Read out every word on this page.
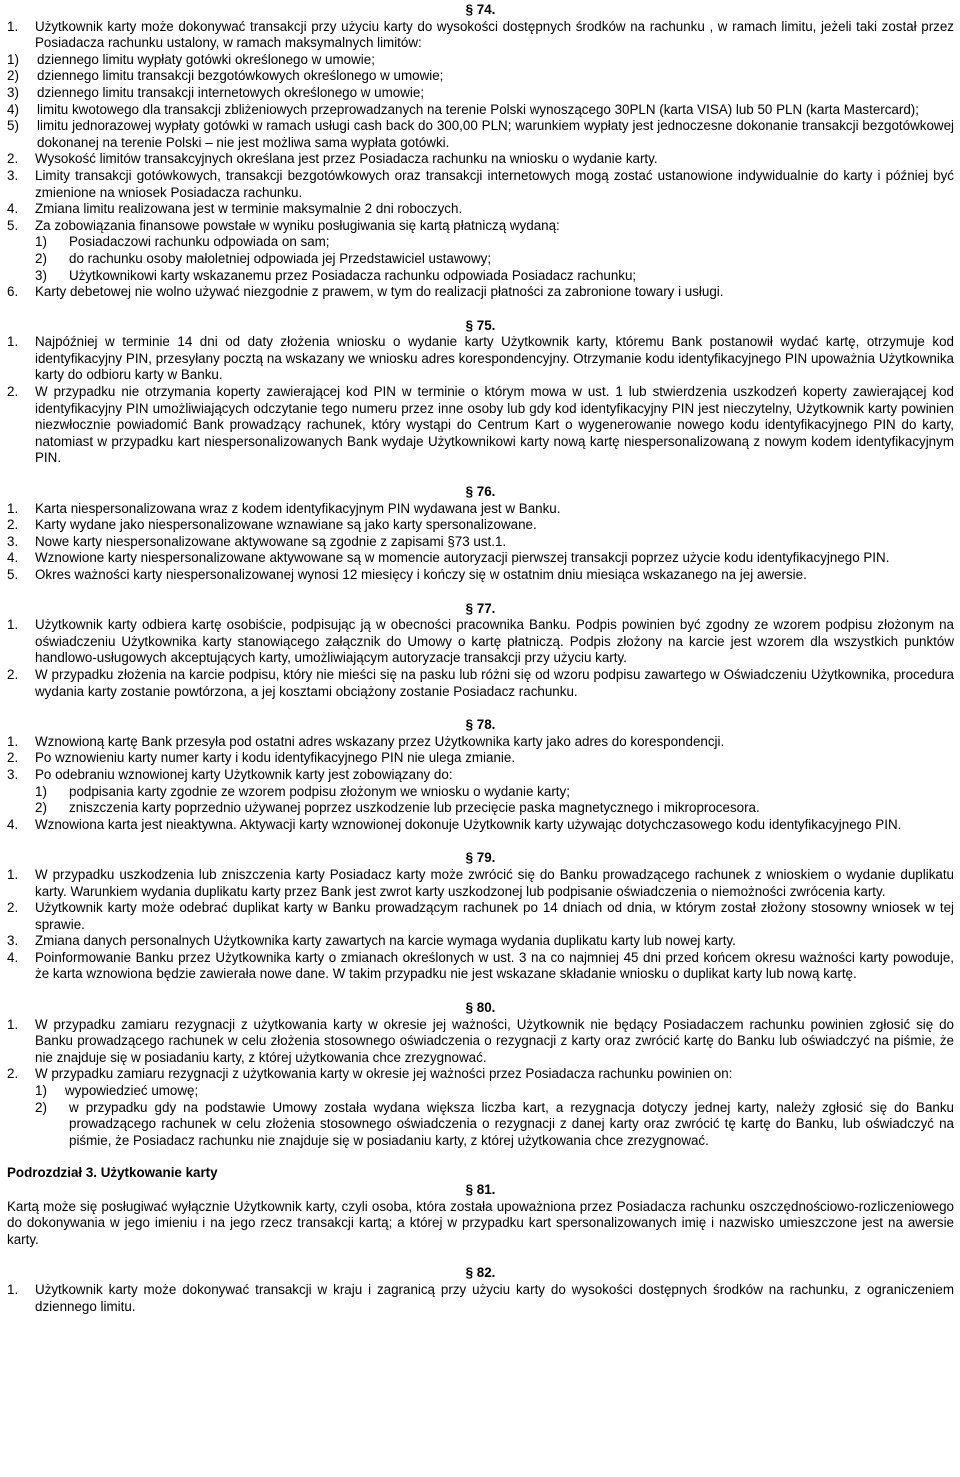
§ 74.
1. Użytkownik karty może dokonywać transakcji przy użyciu karty do wysokości dostępnych środków na rachunku , w ramach limitu, jeżeli taki został przez Posiadacza rachunku ustalony, w ramach maksymalnych limitów:
1) dziennego limitu wypłaty gotówki określonego w umowie;
2) dziennego limitu transakcji bezgotówkowych określonego w umowie;
3) dziennego limitu transakcji internetowych określonego w umowie;
4) limitu kwotowego dla transakcji zbliżeniowych przeprowadzanych na terenie Polski wynoszącego 30PLN (karta VISA) lub 50 PLN (karta Mastercard);
5) limitu jednorazowej wypłaty gotówki w ramach usługi cash back do 300,00 PLN; warunkiem wypłaty jest jednoczesne dokonanie transakcji bezgotówkowej dokonanej na terenie Polski – nie jest możliwa sama wypłata gotówki.
2. Wysokość limitów transakcyjnych określana jest przez Posiadacza rachunku na wniosku o wydanie karty.
3. Limity transakcji gotówkowych, transakcji bezgotówkowych oraz transakcji internetowych mogą zostać ustanowione indywidualnie do karty i później być zmienione na wniosek Posiadacza rachunku.
4. Zmiana limitu realizowana jest w terminie maksymalnie 2 dni roboczych.
5. Za zobowiązania finansowe powstałe w wyniku posługiwania się kartą płatniczą wydaną:
1) Posiadaczowi rachunku odpowiada on sam;
2) do rachunku osoby małoletniej odpowiada jej Przedstawiciel ustawowy;
3) Użytkownikowi karty wskazanemu przez Posiadacza rachunku odpowiada Posiadacz rachunku;
6. Karty debetowej nie wolno używać niezgodnie z prawem, w tym do realizacji płatności za zabronione towary i usługi.
§ 75.
1. Najpóźniej w terminie 14 dni od daty złożenia wniosku o wydanie karty Użytkownik karty, któremu Bank postanowił wydać kartę, otrzymuje kod identyfikacyjny PIN, przesyłany pocztą na wskazany we wniosku adres korespondencyjny. Otrzymanie kodu identyfikacyjnego PIN upoważnia Użytkownika karty do odbioru karty w Banku.
2. W przypadku nie otrzymania koperty zawierającej kod PIN w terminie o którym mowa w ust. 1 lub stwierdzenia uszkodzeń koperty zawierającej kod identyfikacyjny PIN umożliwiających odczytanie tego numeru przez inne osoby lub gdy kod identyfikacyjny PIN jest nieczytelny, Użytkownik karty powinien niezwłocznie powiadomić Bank prowadzący rachunek, który wystąpi do Centrum Kart o wygenerowanie nowego kodu identyfikacyjnego PIN do karty, natomiast w przypadku kart niespersonalizowanych Bank wydaje Użytkownikowi karty nową kartę niespersonalizowaną z nowym kodem identyfikacyjnym PIN.
§ 76.
1. Karta niespersonalizowana wraz z kodem identyfikacyjnym PIN wydawana jest w Banku.
2. Karty wydane jako niespersonalizowane wznawiane są jako karty spersonalizowane.
3. Nowe karty niespersonalizowane aktywowane są zgodnie z zapisami §73 ust.1.
4. Wznowione karty niespersonalizowane aktywowane są w momencie autoryzacji pierwszej transakcji poprzez użycie kodu identyfikacyjnego PIN.
5. Okres ważności karty niespersonalizowanej wynosi 12 miesięcy i kończy się w ostatnim dniu miesiąca wskazanego na jej awersie.
§ 77.
1. Użytkownik karty odbiera kartę osobiście, podpisując ją w obecności pracownika Banku. Podpis powinien być zgodny ze wzorem podpisu złożonym na oświadczeniu Użytkownika karty stanowiącego załącznik do Umowy o kartę płatniczą. Podpis złożony na karcie jest wzorem dla wszystkich punktów handlowo-usługowych akceptujących karty, umożliwiającym autoryzacje transakcji przy użyciu karty.
2. W przypadku złożenia na karcie podpisu, który nie mieści się na pasku lub różni się od wzoru podpisu zawartego w Oświadczeniu Użytkownika, procedura wydania karty zostanie powtórzona, a jej kosztami obciążony zostanie Posiadacz rachunku.
§ 78.
1. Wznowioną kartę Bank przesyła pod ostatni adres wskazany przez Użytkownika karty jako adres do korespondencji.
2. Po wznowieniu karty numer karty i kodu identyfikacyjnego PIN nie ulega zmianie.
3. Po odebraniu wznowionej karty Użytkownik karty jest zobowiązany do:
1) podpisania karty zgodnie ze wzorem podpisu złożonym we wniosku o wydanie karty;
2) zniszczenia karty poprzednio używanej poprzez uszkodzenie lub przecięcie paska magnetycznego i mikroprocesora.
4. Wznowiona karta jest nieaktywna. Aktywacji karty wznowionej dokonuje Użytkownik karty używając dotychczasowego kodu identyfikacyjnego PIN.
§ 79.
1. W przypadku uszkodzenia lub zniszczenia karty Posiadacz karty może zwrócić się do Banku prowadzącego rachunek z wnioskiem o wydanie duplikatu karty. Warunkiem wydania duplikatu karty przez Bank jest zwrot karty uszkodzonej lub podpisanie oświadczenia o niemożności zwrócenia karty.
2. Użytkownik karty może odebrać duplikat karty w Banku prowadzącym rachunek po 14 dniach od dnia, w którym został złożony stosowny wniosek w tej sprawie.
3. Zmiana danych personalnych Użytkownika karty zawartych na karcie wymaga wydania duplikatu karty lub nowej karty.
4. Poinformowanie Banku przez Użytkownika karty o zmianach określonych w ust. 3 na co najmniej 45 dni przed końcem okresu ważności karty powoduje, że karta wznowiona będzie zawierała nowe dane. W takim przypadku nie jest wskazane składanie wniosku o duplikat karty lub nową kartę.
§ 80.
1. W przypadku zamiaru rezygnacji z użytkowania karty w okresie jej ważności, Użytkownik nie będący Posiadaczem rachunku powinien zgłosić się do Banku prowadzącego rachunek w celu złożenia stosownego oświadczenia o rezygnacji z karty oraz zwrócić kartę do Banku lub oświadczyć na piśmie, że nie znajduje się w posiadaniu karty, z której użytkowania chce zrezygnować.
2. W przypadku zamiaru rezygnacji z użytkowania karty w okresie jej ważności przez Posiadacza rachunku powinien on:
1) wypowiedzieć umowę;
2) w przypadku gdy na podstawie Umowy została wydana większa liczba kart, a rezygnacja dotyczy jednej karty, należy zgłosić się do Banku prowadzącego rachunek w celu złożenia stosownego oświadczenia o rezygnacji z danej karty oraz zwrócić tę kartę do Banku, lub oświadczyć na piśmie, że Posiadacz rachunku nie znajduje się w posiadaniu karty, z której użytkowania chce zrezygnować.
Podrozdział 3. Użytkowanie karty
§ 81.
Kartą może się posługiwać wyłącznie Użytkownik karty, czyli osoba, która została upoważniona przez Posiadacza rachunku oszczędnościowo-rozliczeniowego do dokonywania w jego imieniu i na jego rzecz transakcji kartą; a której w przypadku kart spersonalizowanych imię i nazwisko umieszczone jest na awersie karty.
§ 82.
1. Użytkownik karty może dokonywać transakcji w kraju i zagranicą przy użyciu karty do wysokości dostępnych środków na rachunku, z ograniczeniem dziennego limitu.
